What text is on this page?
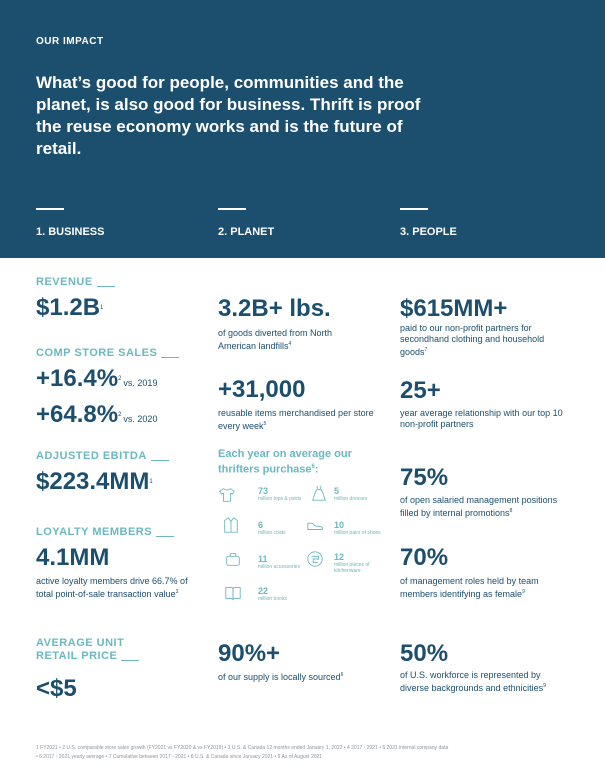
OUR IMPACT
What’s good for people, communities and the planet, is also good for business. Thrift is proof the reuse economy works and is the future of retail.
1. BUSINESS	2. PLANET	3. PEOPLE
REVENUE
$\$1.2B^1$
COMP STORE SALES
+16.4%$^2$ vs. 2019
+64.8%$^2$ vs. 2020
ADJUSTED EBITDA
$\$223.4MM^1$
LOYALTY MEMBERS
4.1MM
active loyalty members drive 66.7% of total point-of-sale transaction value$^3$
AVERAGE UNIT
RETAIL PRICE
<$5
3.2B+ lbs.
of goods diverted from North American landfills$^4$
+31,000
reusable items merchandised per store every week$^5$
Each year on average our thrifters purchase$^6$:
73
million tops & pants
5
million dresses
6
million coats
10
million pairs of shoes
11
million accessories
12
million pieces of kitchenware
22
million books
90%+
of our supply is locally sourced$^6$
$615MM+
paid to our non-profit partners for secondhand clothing and household goods$^7$
25+
year average relationship with our top 10 non-profit partners
75%
of open salaried management positions filled by internal promotions$^8$
70%
of management roles held by team members identifying as female$^9$
50%
of U.S. workforce is represented by diverse backgrounds and ethnicities$^9$
1 FY2021 • 2 U.S. comparable store sales growth (FY2021 vs FY2020 & vs FY2019) • 3 U.S. & Canada 12 months ended January 1, 2022 • 4 2017 - 2021 • 5 2021 internal company data
• 6 2017 - 2021 yearly average • 7 Cumulative between 2017 - 2021 • 8 U.S. & Canada since January 2021 • 9 As of August 2021
